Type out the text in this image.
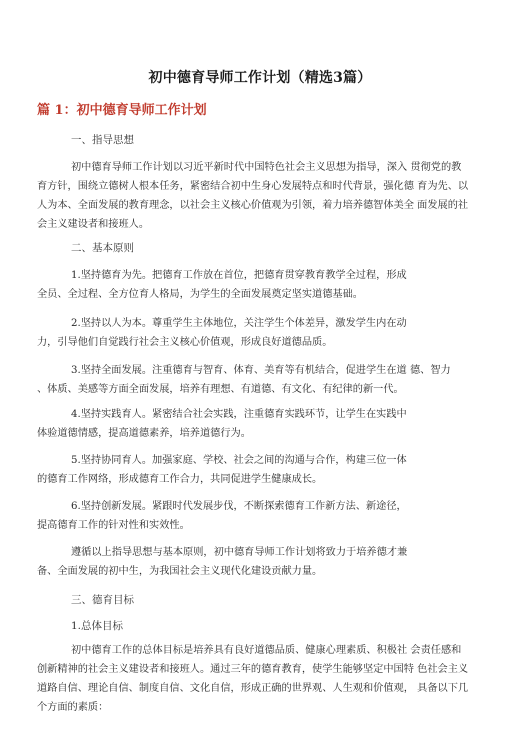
初中德育导师工作计划（精选3篇）
篇 1：初中德育导师工作计划
一、指导思想
初中德育导师工作计划以习近平新时代中国特色社会主义思想为指导，深入 贯彻党的教
育方针，围绕立德树人根本任务，紧密结合初中生身心发展特点和时代背景，强化德 育为先、以
人为本、全面发展的教育理念，以社会主义核心价值观为引领，着力培养德智体美全 面发展的社
会主义建设者和接班人。
二、基本原则
1.坚持德育为先。把德育工作放在首位，把德育贯穿教育教学全过程，形成
全员、全过程、全方位育人格局，为学生的全面发展奠定坚实道德基础。
2.坚持以人为本。尊重学生主体地位，关注学生个体差异，激发学生内在动
力，引导他们自觉践行社会主义核心价值观，形成良好道德品质。
3.坚持全面发展。注重德育与智育、体育、美育等有机结合，促进学生在道 德、智力
、体质、美感等方面全面发展，培养有理想、有道德、有文化、有纪律的新一代。
4.坚持实践育人。紧密结合社会实践，注重德育实践环节，让学生在实践中
体验道德情感，提高道德素养，培养道德行为。
5.坚持协同育人。加强家庭、学校、社会之间的沟通与合作，构建三位一体
的德育工作网络，形成德育工作合力，共同促进学生健康成长。
6.坚持创新发展。紧跟时代发展步伐，不断探索德育工作新方法、新途径，
提高德育工作的针对性和实效性。
遵循以上指导思想与基本原则，初中德育导师工作计划将致力于培养德才兼
备、全面发展的初中生，为我国社会主义现代化建设贡献力量。
三、德育目标
1.总体目标
初中德育工作的总体目标是培养具有良好道德品质、健康心理素质、积极社 会责任感和
创新精神的社会主义建设者和接班人。通过三年的德育教育，使学生能够坚定中国特 色社会主义
道路自信、理论自信、制度自信、文化自信，形成正确的世界观、人生观和价值观， 具备以下几
个方面的素质：
